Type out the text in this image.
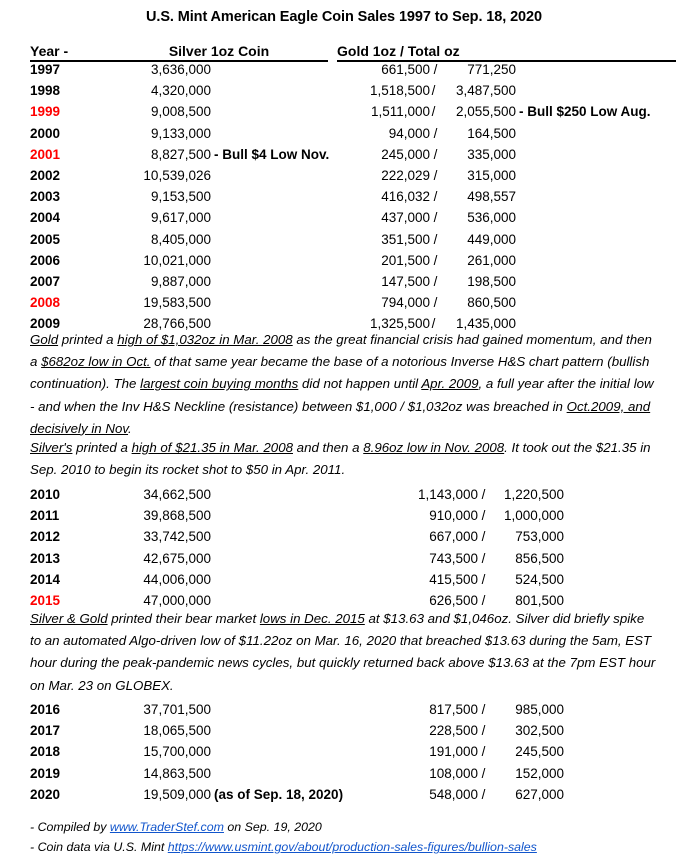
U.S. Mint American Eagle Coin Sales 1997 to Sep. 18, 2020
Year -	Silver 1oz Coin	Gold 1oz / Total oz
1997	3,636,000	661,500 /	771,250
1998	4,320,000	1,518,500 /	3,487,500
1999	9,008,500	1,511,000 /	2,055,500 - Bull $250 Low Aug.
2000	9,133,000	94,000 /	164,500
2001	8,827,500 - Bull $4 Low Nov.	245,000 /	335,000
2002	10,539,026	222,029 /	315,000
2003	9,153,500	416,032 /	498,557
2004	9,617,000	437,000 /	536,000
2005	8,405,000	351,500 /	449,000
2006	10,021,000	201,500 /	261,000
2007	9,887,000	147,500 /	198,500
2008	19,583,500	794,000 /	860,500
2009	28,766,500	1,325,500 /	1,435,000
Gold printed a high of $1,032oz in Mar. 2008 as the great financial crisis had gained momentum, and then a $682oz low in Oct. of that same year became the base of a notorious Inverse H&S chart pattern (bullish continuation). The largest coin buying months did not happen until Apr. 2009, a full year after the initial low - and when the Inv H&S Neckline (resistance) between $1,000 / $1,032oz was breached in Oct.2009, and decisively in Nov.
Silver's printed a high of $21.35 in Mar. 2008 and then a 8.96oz low in Nov. 2008. It took out the $21.35 in Sep. 2010 to begin its rocket shot to $50 in Apr. 2011.
2010	34,662,500	1,143,000 /	1,220,500
2011	39,868,500	910,000 /	1,000,000
2012	33,742,500	667,000 /	753,000
2013	42,675,000	743,500 /	856,500
2014	44,006,000	415,500 /	524,500
2015	47,000,000	626,500 /	801,500
Silver & Gold printed their bear market lows in Dec. 2015 at $13.63 and $1,046oz. Silver did briefly spike to an automated Algo-driven low of $11.22oz on Mar. 16, 2020 that breached $13.63 during the 5am, EST hour during the peak-pandemic news cycles, but quickly returned back above $13.63 at the 7pm EST hour on Mar. 23 on GLOBEX.
2016	37,701,500	817,500 /	985,000
2017	18,065,500	228,500 /	302,500
2018	15,700,000	191,000 /	245,500
2019	14,863,500	108,000 /	152,000
2020	19,509,000 (as of Sep. 18, 2020)	548,000 /	627,000
- Compiled by www.TraderStef.com on Sep. 19, 2020
- Coin data via U.S. Mint https://www.usmint.gov/about/production-sales-figures/bullion-sales
